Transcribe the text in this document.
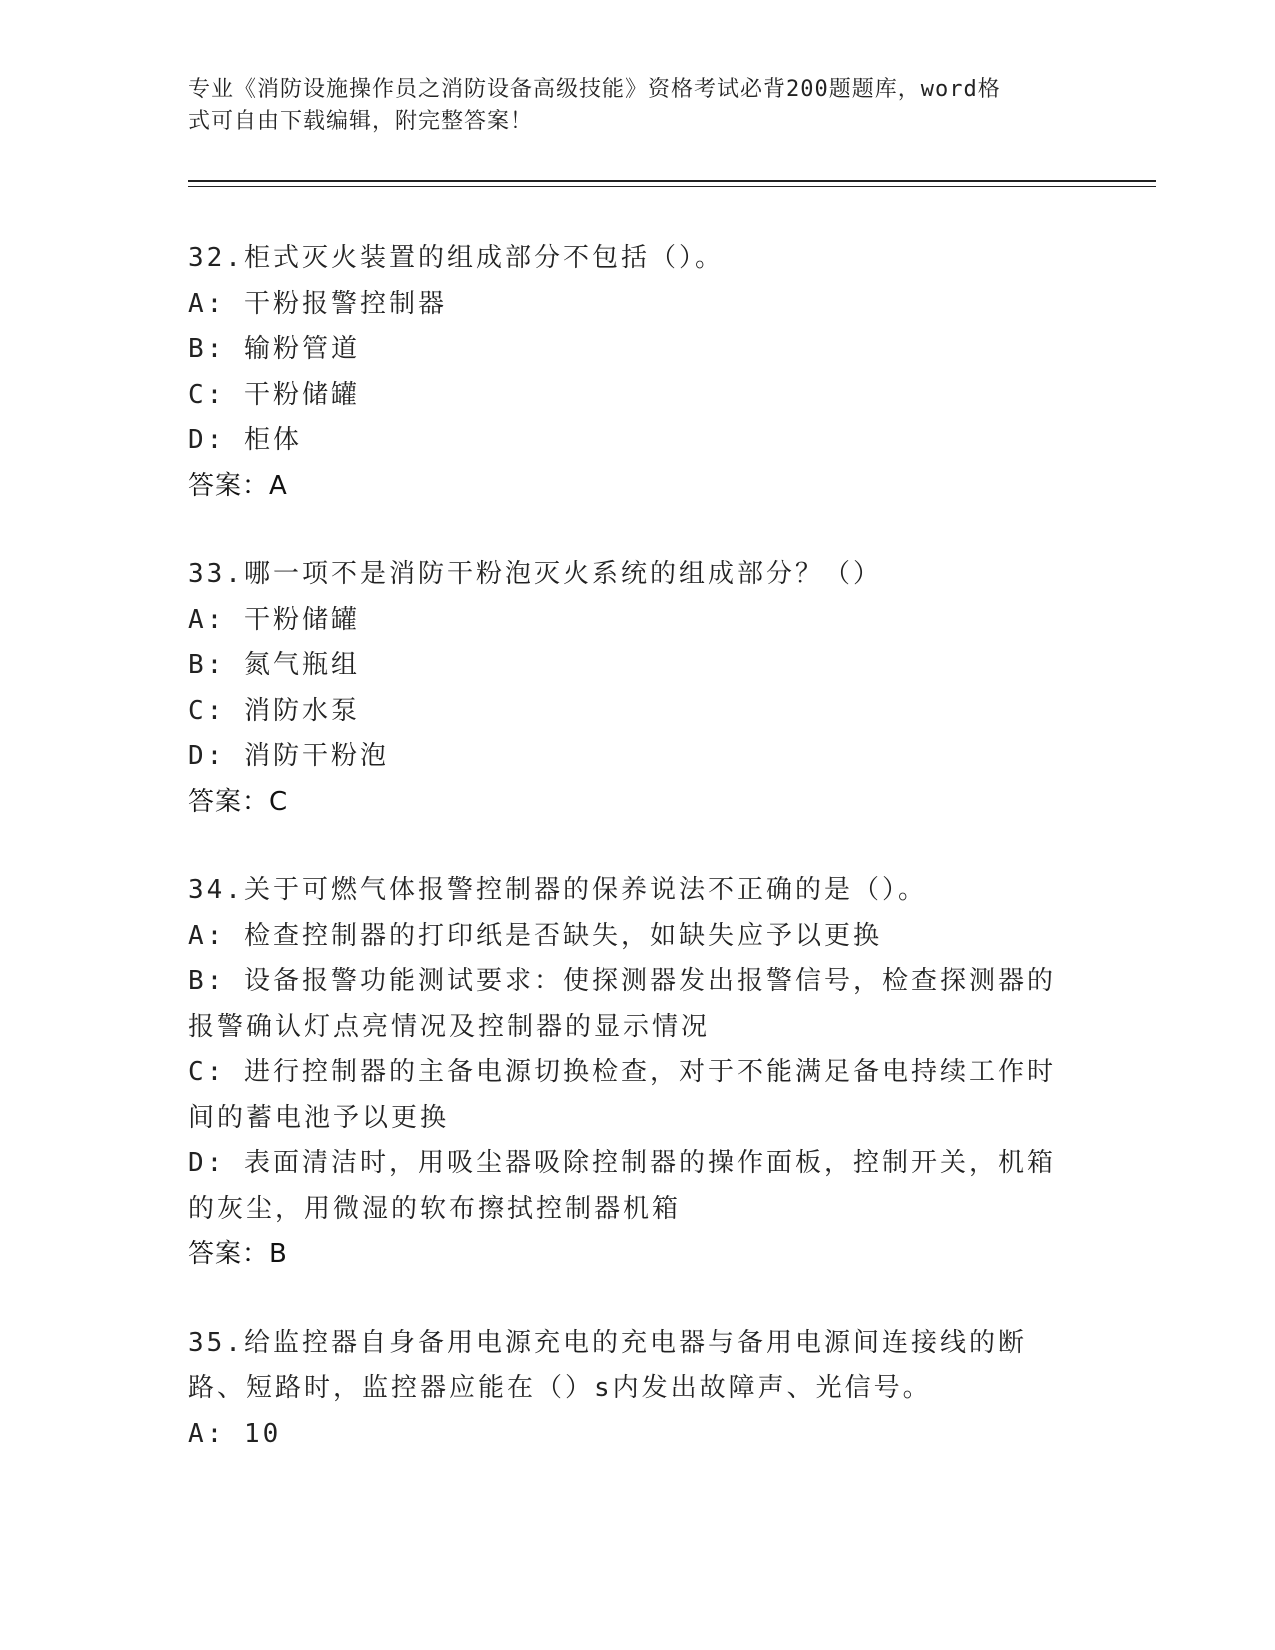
专业《消防设施操作员之消防设备高级技能》资格考试必背200题题库，word格
式可自由下载编辑，附完整答案！
32.柜式灭火装置的组成部分不包括（）。
A: 干粉报警控制器
B: 输粉管道
C: 干粉储罐
D: 柜体
答案：A
33.哪一项不是消防干粉泡灭火系统的组成部分？（）
A: 干粉储罐
B: 氮气瓶组
C: 消防水泵
D: 消防干粉泡
答案：C
34.关于可燃气体报警控制器的保养说法不正确的是（）。
A: 检查控制器的打印纸是否缺失，如缺失应予以更换
B: 设备报警功能测试要求：使探测器发出报警信号，检查探测器的报警确认灯点亮情况及控制器的显示情况
C: 进行控制器的主备电源切换检查，对于不能满足备电持续工作时间的蓄电池予以更换
D: 表面清洁时，用吸尘器吸除控制器的操作面板，控制开关，机箱的灰尘，用微湿的软布擦拭控制器机箱
答案：B
35.给监控器自身备用电源充电的充电器与备用电源间连接线的断路、短路时，监控器应能在（）s内发出故障声、光信号。
A: 10
